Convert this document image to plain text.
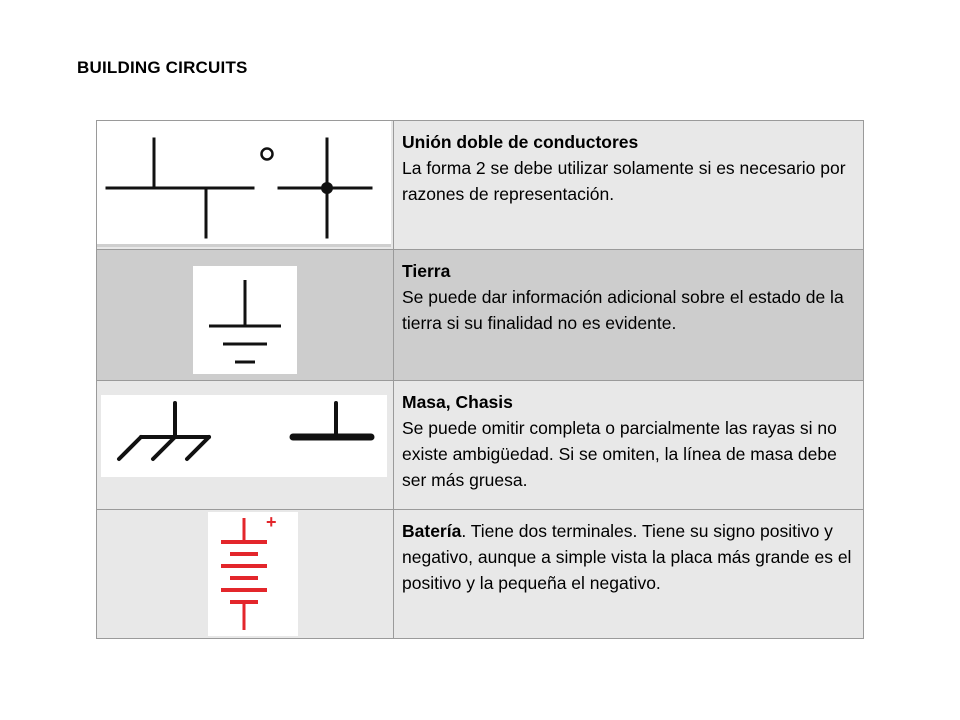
BUILDING CIRCUITS

Unión doble de conductores
La forma 2 se debe utilizar solamente si es necesario por razones de representación.

Tierra
Se puede dar información adicional sobre el estado de la tierra si su finalidad no es evidente.

Masa, Chasis
Se puede omitir completa o parcialmente las rayas si no existe ambigüedad. Si se omiten, la línea de masa debe ser más gruesa.

+	Batería. Tiene dos terminales. Tiene su signo positivo y negativo, aunque a simple vista la placa más grande es el positivo y la pequeña el negativo.
